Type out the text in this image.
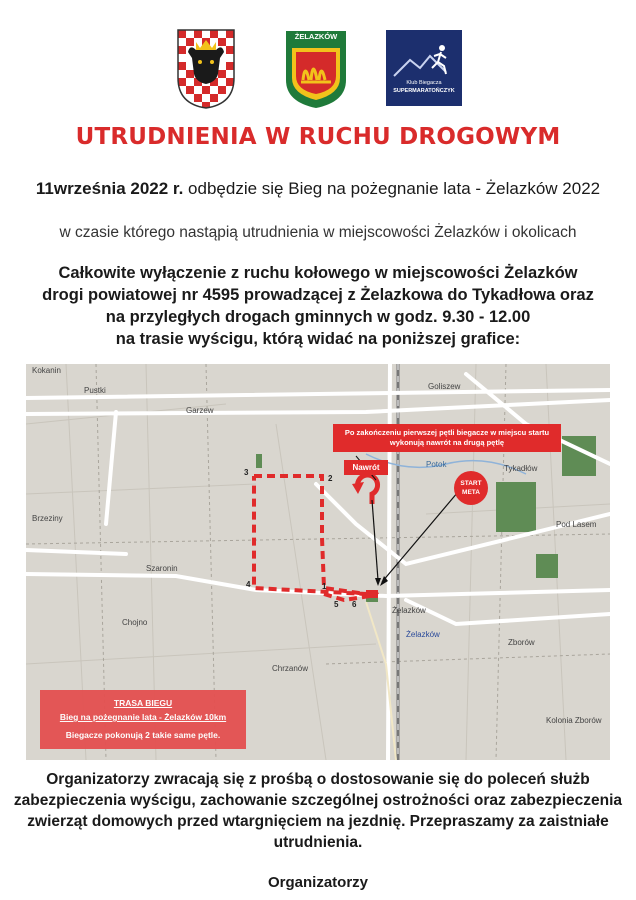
ŻELAZKÓW
Klub Biegacza
SUPERMARATOŃCZYK
UTRUDNIENIA W RUCHU DROGOWYM
11września 2022 r. odbędzie się Bieg na pożegnanie lata - Żelazków 2022
w czasie którego nastąpią utrudnienia w miejscowości Żelazków i okolicach
Całkowite wyłączenie z ruchu kołowego w miejscowości Żelazków
drogi powiatowej nr 4595 prowadzącej z Żelazkowa do Tykadłowa oraz
na przyległych drogach gminnych w godz. 9.30 - 12.00
na trasie wyścigu, którą widać na poniższej grafice:
Goliszew
Garzew
Pustki
Szaronin
Żelazków
Żelazków
Pod Lasem
Zborów
Kolonia Zborów
Tykadłów
Chojno
Brzeziny
Potok
Kokanin
Chrzanów
1
2
3
4
5 6
Po zakończeniu pierwszej pętli biegacze w miejscu startu wykonują nawrót na drugą pętlę
Nawrót
START
META
TRASA BIEGU
Bieg na pożegnanie lata - Żelazków 10km
Biegacze pokonują 2 takie same pętle.
Organizatorzy zwracają się z prośbą o dostosowanie się do poleceń służb
zabezpieczenia wyścigu, zachowanie szczególnej ostrożności oraz zabezpieczenia
zwierząt domowych przed wtargnięciem na jezdnię. Przepraszamy za zaistniałe
utrudnienia.
Organizatorzy
